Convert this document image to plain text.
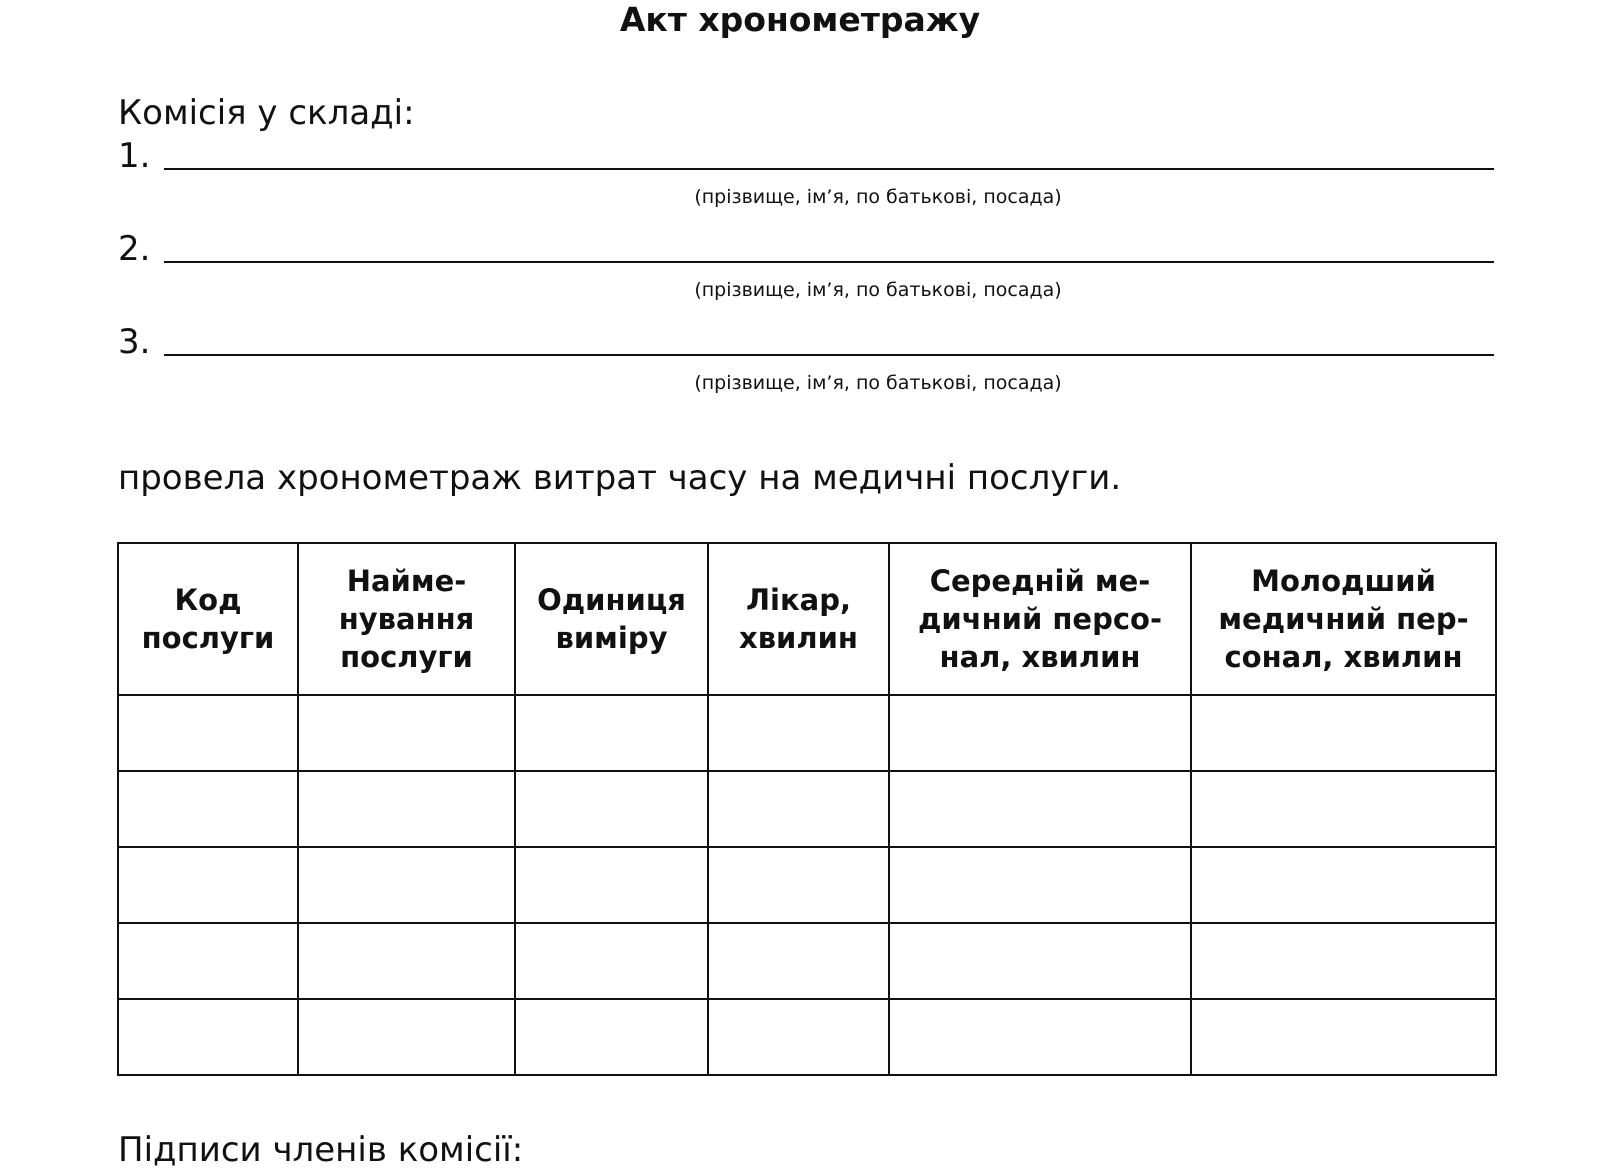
Акт хронометражу
Комісія у складі:
1.
(прізвище, ім’я, по батькові, посада)
2.
(прізвище, ім’я, по батькові, посада)
3.
(прізвище, ім’я, по батькові, посада)
провела хронометраж витрат часу на медичні послуги.
Код послуги	Найме-нування послуги	Одиниця виміру	Лікар, хвилин	Середній ме-дичний персо-нал, хвилин	Молодший медичний пер-сонал, хвилин

Підписи членів комісії:
